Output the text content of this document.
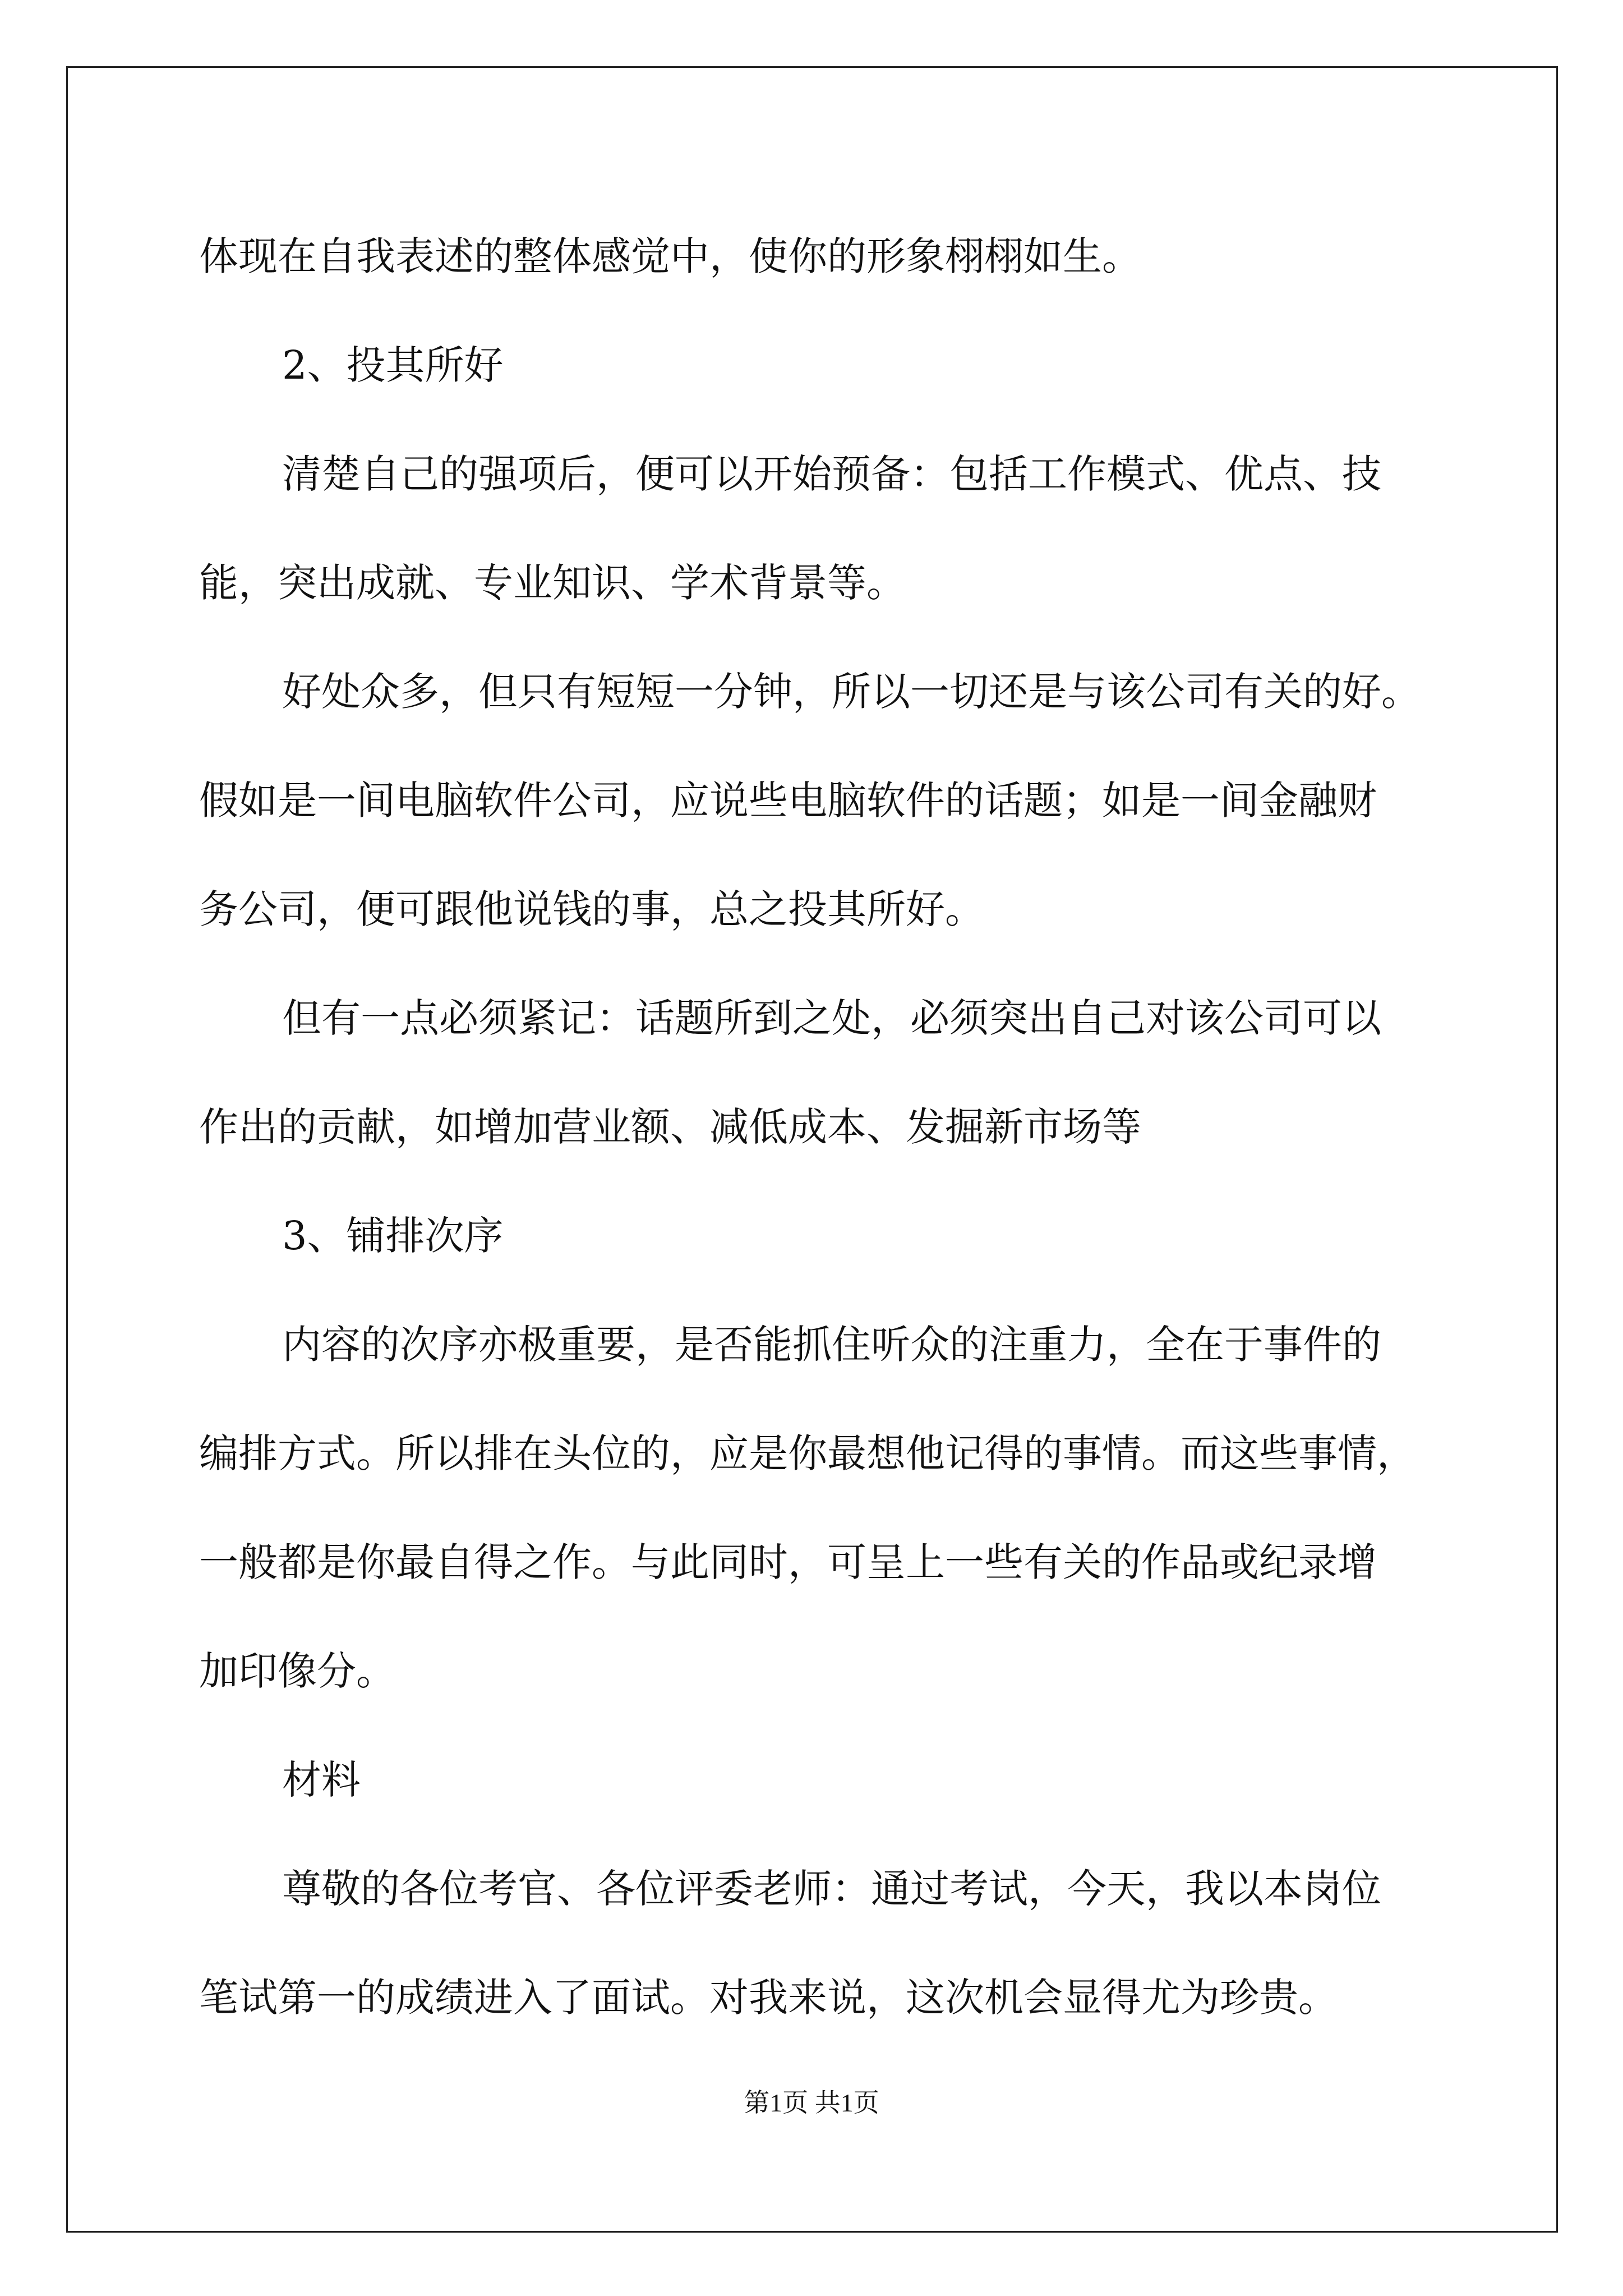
体现在自我表述的整体感觉中，使你的形象栩栩如生。

2、投其所好

清楚自己的强项后，便可以开始预备：包括工作模式、优点、技

能，突出成就、专业知识、学术背景等。

好处众多，但只有短短一分钟，所以一切还是与该公司有关的好。

假如是一间电脑软件公司，应说些电脑软件的话题；如是一间金融财

务公司，便可跟他说钱的事，总之投其所好。

但有一点必须紧记：话题所到之处，必须突出自己对该公司可以

作出的贡献，如增加营业额、减低成本、发掘新市场等

3、铺排次序

内容的次序亦极重要，是否能抓住听众的注重力，全在于事件的

编排方式。所以排在头位的，应是你最想他记得的事情。而这些事情，

一般都是你最自得之作。与此同时，可呈上一些有关的作品或纪录增

加印像分。

材料

尊敬的各位考官、各位评委老师：通过考试，今天，我以本岗位

笔试第一的成绩进入了面试。对我来说，这次机会显得尤为珍贵。

第1页 共1页
